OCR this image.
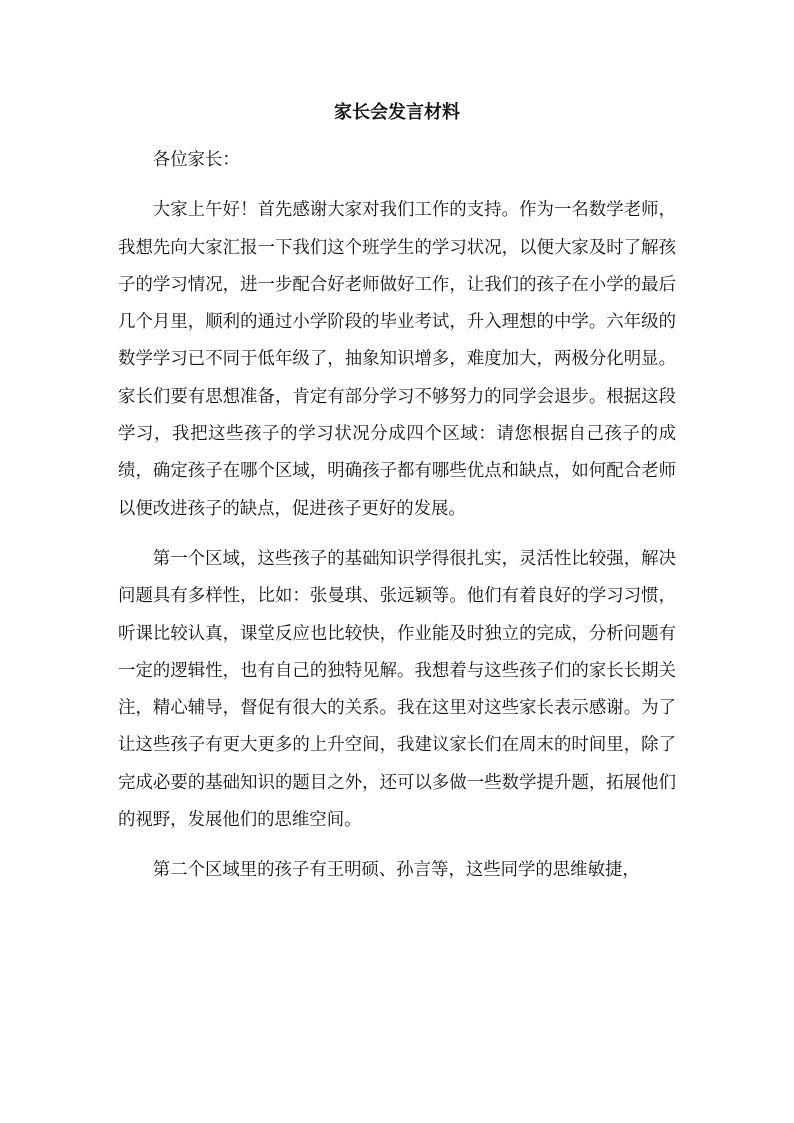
家长会发言材料

各位家长：

大家上午好！首先感谢大家对我们工作的支持。作为一名数学老师，我想先向大家汇报一下我们这个班学生的学习状况，以便大家及时了解孩子的学习情况，进一步配合好老师做好工作，让我们的孩子在小学的最后几个月里，顺利的通过小学阶段的毕业考试，升入理想的中学。六年级的数学学习已不同于低年级了，抽象知识增多，难度加大，两极分化明显。家长们要有思想准备，肯定有部分学习不够努力的同学会退步。根据这段学习，我把这些孩子的学习状况分成四个区域：请您根据自己孩子的成绩，确定孩子在哪个区域，明确孩子都有哪些优点和缺点，如何配合老师以便改进孩子的缺点，促进孩子更好的发展。

第一个区域，这些孩子的基础知识学得很扎实，灵活性比较强，解决问题具有多样性，比如：张曼琪、张远颖等。他们有着良好的学习习惯，听课比较认真，课堂反应也比较快，作业能及时独立的完成，分析问题有一定的逻辑性，也有自己的独特见解。我想着与这些孩子们的家长长期关注，精心辅导，督促有很大的关系。我在这里对这些家长表示感谢。为了让这些孩子有更大更多的上升空间，我建议家长们在周末的时间里，除了完成必要的基础知识的题目之外，还可以多做一些数学提升题，拓展他们的视野，发展他们的思维空间。

第二个区域里的孩子有王明硕、孙言等，这些同学的思维敏捷，
